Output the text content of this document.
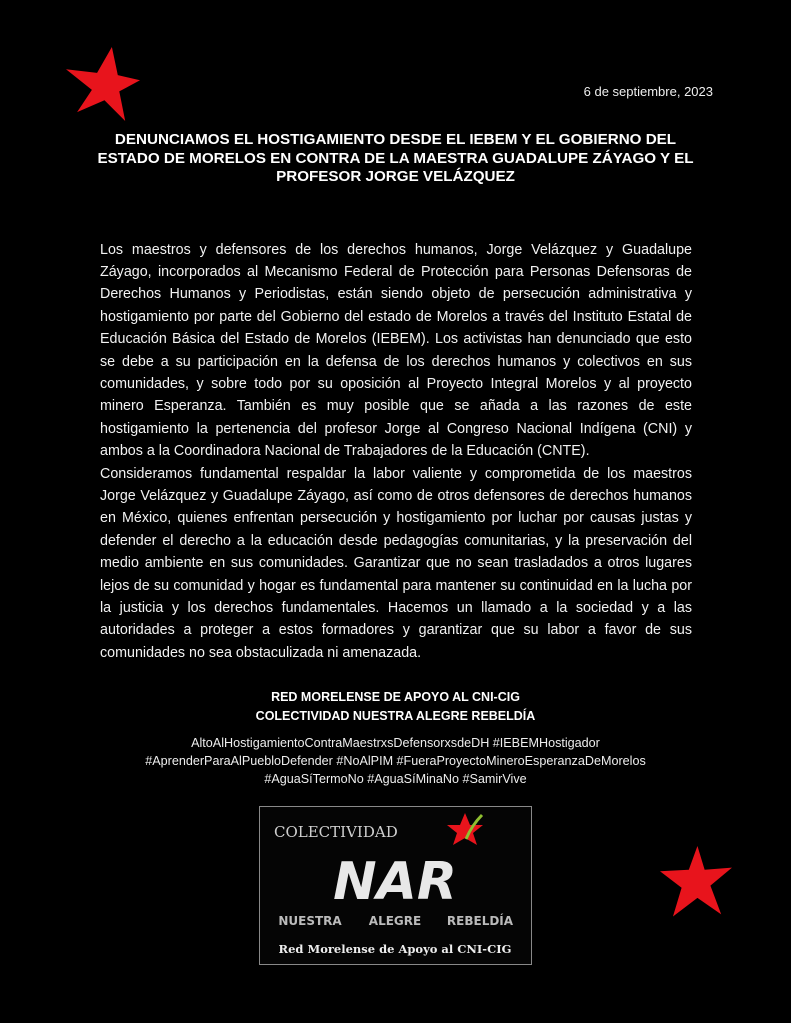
6 de septiembre, 2023
DENUNCIAMOS EL HOSTIGAMIENTO DESDE EL IEBEM Y EL GOBIERNO DEL ESTADO DE MORELOS EN CONTRA DE LA MAESTRA GUADALUPE ZÁYAGO Y EL PROFESOR JORGE VELÁZQUEZ

Los maestros y defensores de los derechos humanos, Jorge Velázquez y Guadalupe Záyago, incorporados al Mecanismo Federal de Protección para Personas Defensoras de Derechos Humanos y Periodistas, están siendo objeto de persecución administrativa y hostigamiento por parte del Gobierno del estado de Morelos a través del Instituto Estatal de Educación Básica del Estado de Morelos (IEBEM). Los activistas han denunciado que esto se debe a su participación en la defensa de los derechos humanos y colectivos en sus comunidades, y sobre todo por su oposición al Proyecto Integral Morelos y al proyecto minero Esperanza. También es muy posible que se añada a las razones de este hostigamiento la pertenencia del profesor Jorge al Congreso Nacional Indígena (CNI) y ambos a la Coordinadora Nacional de Trabajadores de la Educación (CNTE).

Consideramos fundamental respaldar la labor valiente y comprometida de los maestros Jorge Velázquez y Guadalupe Záyago, así como de otros defensores de derechos humanos en México, quienes enfrentan persecución y hostigamiento por luchar por causas justas y defender el derecho a la educación desde pedagogías comunitarias, y la preservación del medio ambiente en sus comunidades. Garantizar que no sean trasladados a otros lugares lejos de su comunidad y hogar es fundamental para mantener su continuidad en la lucha por la justicia y los derechos fundamentales. Hacemos un llamado a la sociedad y a las autoridades a proteger a estos formadores y garantizar que su labor a favor de sus comunidades no sea obstaculizada ni amenazada.

RED MORELENSE DE APOYO AL CNI-CIG
COLECTIVIDAD NUESTRA ALEGRE REBELDÍA
AltoAlHostigamientoContraMaestrxsDefensorxsdeDH #IEBEMHostigador
#AprenderParaAlPuebloDefender #NoAlPIM #FueraProyectoMineroEsperanzaDeMorelos
#AguaSíTermoNo #AguaSíMinaNo #SamirVive
COLECTIVIDAD
NAR
NUESTRA ALEGRE REBELDÍA
Red Morelense de Apoyo al CNI-CIG
